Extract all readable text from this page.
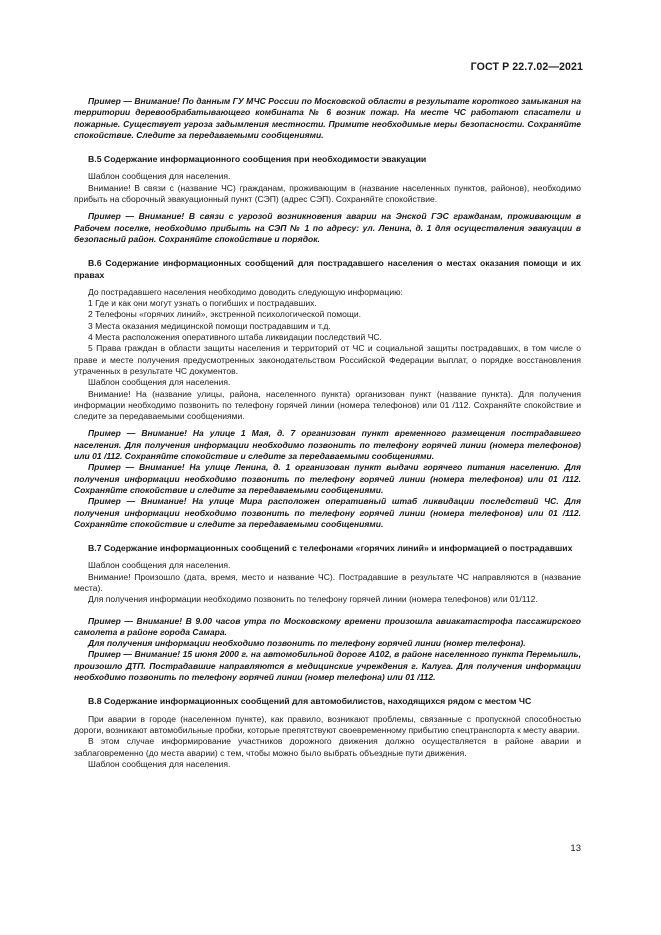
ГОСТ Р 22.7.02—2021

Пример — Внимание! По данным ГУ МЧС России по Московской области в результате короткого замыкания на территории деревообрабатывающего комбината № 6 возник пожар. На месте ЧС работают спасатели и пожарные. Существует угроза задымления местности. Примите необходимые меры безопасности. Сохраняйте спокойствие. Следите за передаваемыми сообщениями.

В.5 Содержание информационного сообщения при необходимости эвакуации

Шаблон сообщения для населения.

Внимание! В связи с (название ЧС) гражданам, проживающим в (название населенных пунктов, районов), необходимо прибыть на сборочный эвакуационный пункт (СЭП) (адрес СЭП). Сохраняйте спокойствие.

Пример — Внимание! В связи с угрозой возникновения аварии на Энской ГЭС гражданам, проживающим в Рабочем поселке, необходимо прибыть на СЭП № 1 по адресу: ул. Ленина, д. 1 для осуществления эвакуации в безопасный район. Сохраняйте спокойствие и порядок.

В.6 Содержание информационных сообщений для пострадавшего населения о местах оказания помощи и их правах

До пострадавшего населения необходимо доводить следующую информацию:

1 Где и как они могут узнать о погибших и пострадавших.

2 Телефоны «горячих линий», экстренной психологической помощи.

3 Места оказания медицинской помощи пострадавшим и т.д.

4 Места расположения оперативного штаба ликвидации последствий ЧС.

5 Права граждан в области защиты населения и территорий от ЧС и социальной защиты пострадавших, в том числе о праве и месте получения предусмотренных законодательством Российской Федерации выплат, о порядке восстановления утраченных в результате ЧС документов.

Шаблон сообщения для населения.

Внимание! На (название улицы, района, населенного пункта) организован пункт (название пункта). Для получения информации необходимо позвонить по телефону горячей линии (номера телефонов) или 01 /112. Сохраняйте спокойствие и следите за передаваемыми сообщениями.

Пример — Внимание! На улице 1 Мая, д. 7 организован пункт временного размещения пострадавшего населения. Для получения информации необходимо позвонить по телефону горячей линии (номера телефонов) или 01 /112. Сохраняйте спокойствие и следите за передаваемыми сообщениями.

Пример — Внимание! На улице Ленина, д. 1 организован пункт выдачи горячего питания населению. Для получения информации необходимо позвонить по телефону горячей линии (номера телефонов) или 01 /112. Сохраняйте спокойствие и следите за передаваемыми сообщениями.

Пример — Внимание! На улице Мира расположен оперативный штаб ликвидации последствий ЧС. Для получения информации необходимо позвонить по телефону горячей линии (номера телефонов) или 01 /112. Сохраняйте спокойствие и следите за передаваемыми сообщениями.

В.7 Содержание информационных сообщений с телефонами «горячих линий» и информацией о пострадавших

Шаблон сообщения для населения.

Внимание! Произошло (дата, время, место и название ЧС). Пострадавшие в результате ЧС направляются в (название места).

Для получения информации необходимо позвонить по телефону горячей линии (номера телефонов) или 01/112.

Пример — Внимание! В 9.00 часов утра по Московскому времени произошла авиакатастрофа пассажирского самолета в районе города Самара.

Для получения информации необходимо позвонить по телефону горячей линии (номер телефона).

Пример — Внимание! 15 июня 2000 г. на автомобильной дороге А102, в районе населенного пункта Перемышль, произошло ДТП. Пострадавшие направляются в медицинские учреждения г. Калуга. Для получения информации необходимо позвонить по телефону горячей линии (номер телефона) или 01 /112.

В.8 Содержание информационных сообщений для автомобилистов, находящихся рядом с местом ЧС

При аварии в городе (населенном пункте), как правило, возникают проблемы, связанные с пропускной способностью дороги, возникают автомобильные пробки, которые препятствуют своевременному прибытию спецтранспорта к месту аварии.

В этом случае информирование участников дорожного движения должно осуществляется в районе аварии и заблаговременно (до места аварии) с тем, чтобы можно было выбрать объездные пути движения.

Шаблон сообщения для населения.

13
